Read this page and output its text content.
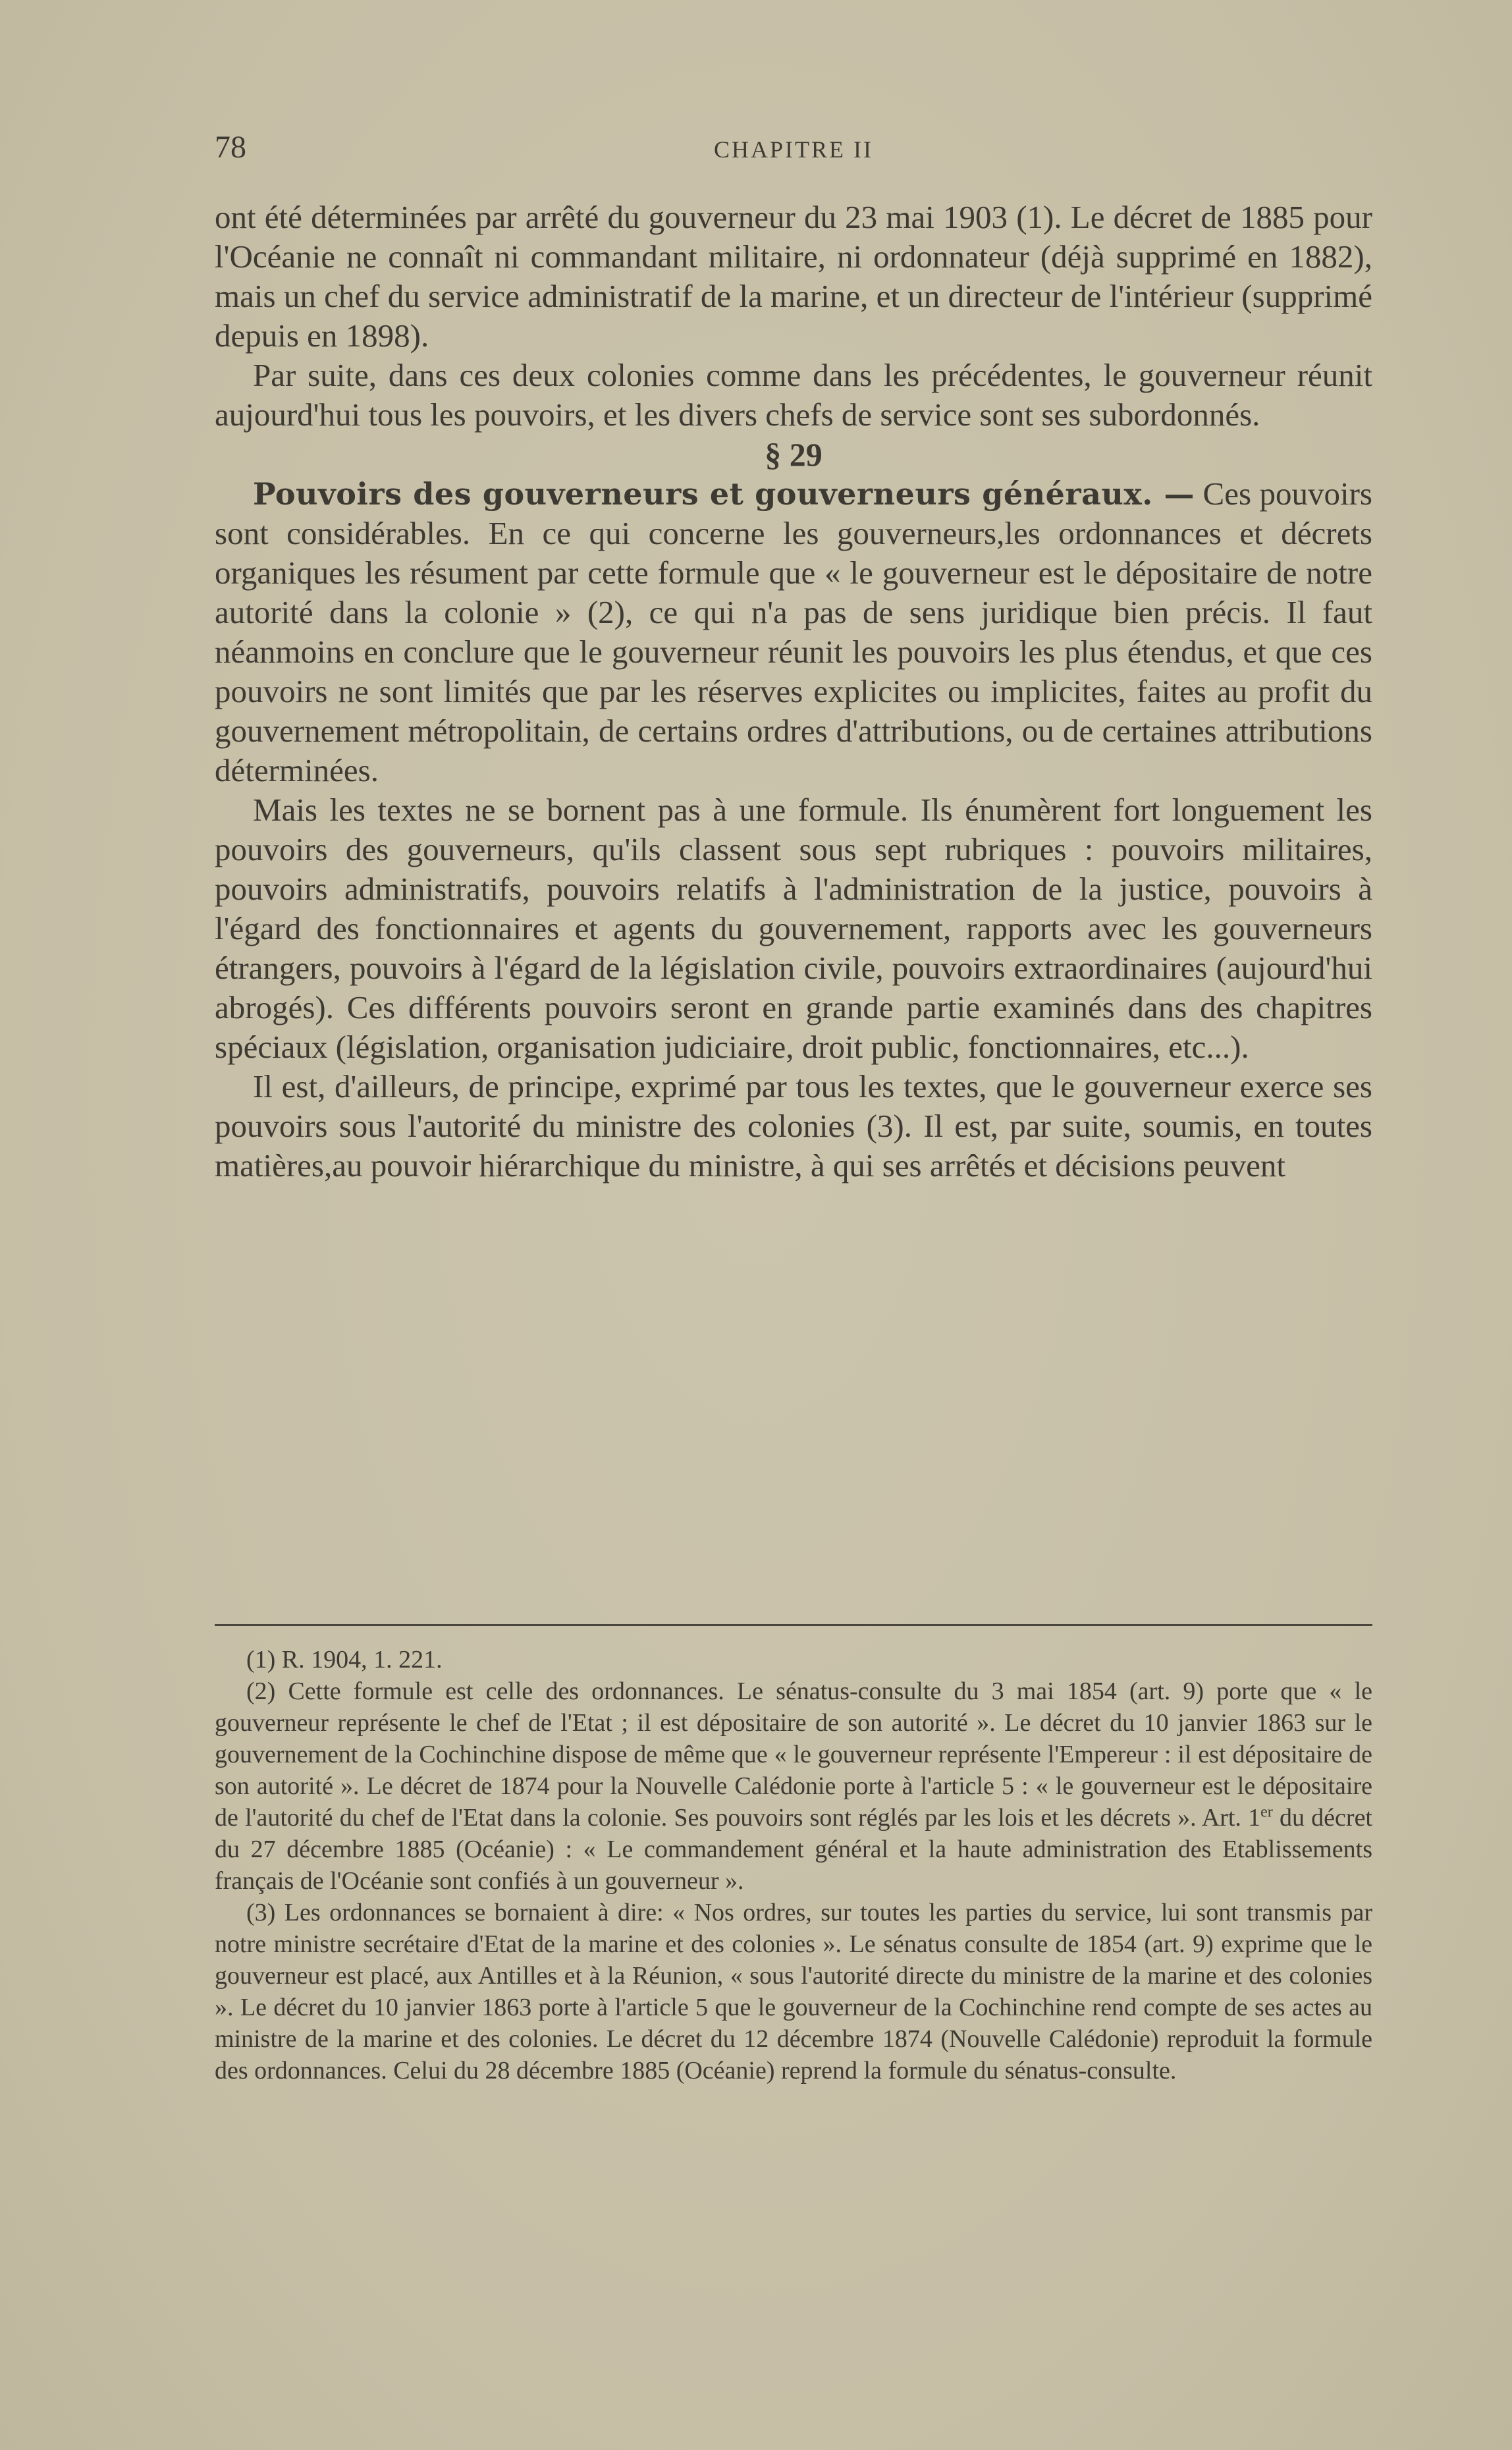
78	CHAPITRE II

ont été déterminées par arrêté du gouverneur du 23 mai 1903 (1). Le décret de 1885 pour l'Océanie ne connaît ni commandant militaire, ni ordonnateur (déjà supprimé en 1882), mais un chef du service administratif de la marine, et un directeur de l'intérieur (supprimé depuis en 1898).

Par suite, dans ces deux colonies comme dans les précédentes, le gouverneur réunit aujourd'hui tous les pouvoirs, et les divers chefs de service sont ses subordonnés.

§ 29

Pouvoirs des gouverneurs et gouverneurs généraux. — Ces pouvoirs sont considérables. En ce qui concerne les gouverneurs,les ordonnances et décrets organiques les résument par cette formule que « le gouverneur est le dépositaire de notre autorité dans la colonie » (2), ce qui n'a pas de sens juridique bien précis. Il faut néanmoins en conclure que le gouverneur réunit les pouvoirs les plus étendus, et que ces pouvoirs ne sont limités que par les réserves explicites ou implicites, faites au profit du gouvernement métropolitain, de certains ordres d'attributions, ou de certaines attributions déterminées.

Mais les textes ne se bornent pas à une formule. Ils énumèrent fort longuement les pouvoirs des gouverneurs, qu'ils classent sous sept rubriques : pouvoirs militaires, pouvoirs administratifs, pouvoirs relatifs à l'administration de la justice, pouvoirs à l'égard des fonctionnaires et agents du gouvernement, rapports avec les gouverneurs étrangers, pouvoirs à l'égard de la législation civile, pouvoirs extraordinaires (aujourd'hui abrogés). Ces différents pouvoirs seront en grande partie examinés dans des chapitres spéciaux (législation, organisation judiciaire, droit public, fonctionnaires, etc...).

Il est, d'ailleurs, de principe, exprimé par tous les textes, que le gouverneur exerce ses pouvoirs sous l'autorité du ministre des colonies (3). Il est, par suite, soumis, en toutes matières,au pouvoir hiérarchique du ministre, à qui ses arrêtés et décisions peuvent

(1) R. 1904, 1. 221.

(2) Cette formule est celle des ordonnances. Le sénatus-consulte du 3 mai 1854 (art. 9) porte que « le gouverneur représente le chef de l'Etat ; il est dépositaire de son autorité ». Le décret du 10 janvier 1863 sur le gouvernement de la Cochinchine dispose de même que « le gouverneur représente l'Empereur : il est dépositaire de son autorité ». Le décret de 1874 pour la Nouvelle Calédonie porte à l'article 5 : « le gouverneur est le dépositaire de l'autorité du chef de l'Etat dans la colonie. Ses pouvoirs sont réglés par les lois et les décrets ». Art. 1er du décret du 27 décembre 1885 (Océanie) : « Le commandement général et la haute administration des Etablissements français de l'Océanie sont confiés à un gouverneur ».

(3) Les ordonnances se bornaient à dire: « Nos ordres, sur toutes les parties du service, lui sont transmis par notre ministre secrétaire d'Etat de la marine et des colonies ». Le sénatus consulte de 1854 (art. 9) exprime que le gouverneur est placé, aux Antilles et à la Réunion, « sous l'autorité directe du ministre de la marine et des colonies ». Le décret du 10 janvier 1863 porte à l'article 5 que le gouverneur de la Cochinchine rend compte de ses actes au ministre de la marine et des colonies. Le décret du 12 décembre 1874 (Nouvelle Calédonie) reproduit la formule des ordonnances. Celui du 28 décembre 1885 (Océanie) reprend la formule du sénatus-consulte.
